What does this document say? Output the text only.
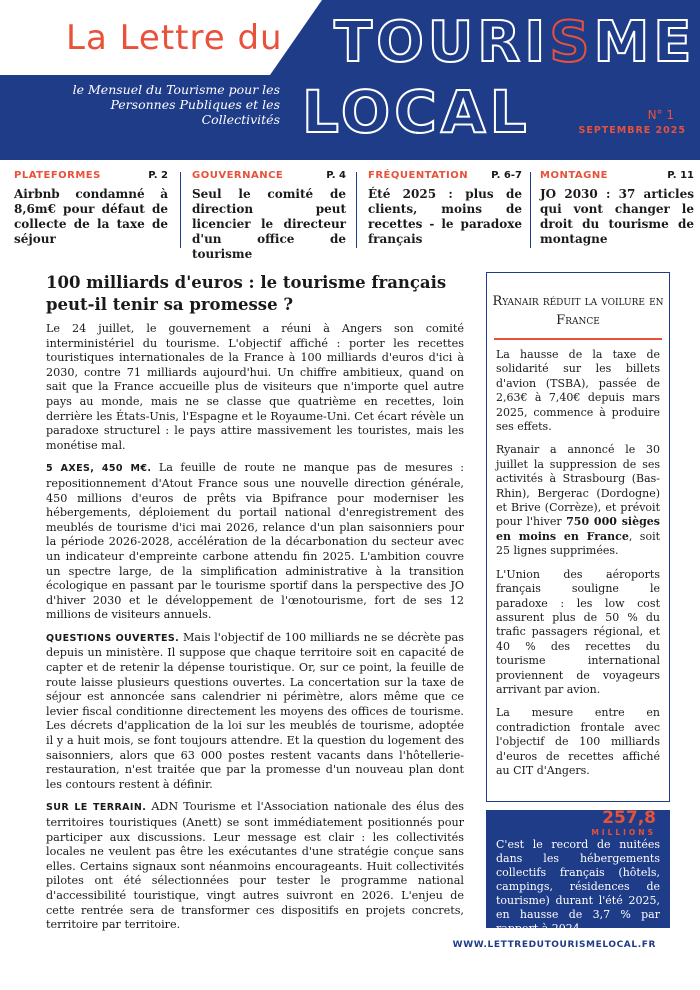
La Lettre du TOURISME
LOCAL
le Mensuel du Tourisme pour les Personnes Publiques et les Collectivités	N° 1
SEPTEMBRE 2025
PLATEFORMES	P. 2
Airbnb condamné à 8,6m€ pour défaut de collecte de la taxe de séjour
GOUVERNANCE	P. 4
Seul le comité de direction peut licencier le directeur d'un office de tourisme
FRÉQUENTATION P. 6-7
Été 2025 : plus de clients, moins de recettes - le paradoxe français
MONTAGNE	P. 11
JO 2030 : 37 articles qui vont changer le droit du tourisme de montagne
100 milliards d'euros : le tourisme français peut-il tenir sa promesse ?

Le 24 juillet, le gouvernement a réuni à Angers son comité interministériel du tourisme. L'objectif affiché : porter les recettes touristiques internationales de la France à 100 milliards d'euros d'ici à 2030, contre 71 milliards aujourd'hui. Un chiffre ambitieux, quand on sait que la France accueille plus de visiteurs que n'importe quel autre pays au monde, mais ne se classe que quatrième en recettes, loin derrière les États-Unis, l'Espagne et le Royaume-Uni. Cet écart révèle un paradoxe structurel : le pays attire massivement les touristes, mais les monétise mal.

5 AXES, 450 M€. La feuille de route ne manque pas de mesures : repositionnement d'Atout France sous une nouvelle direction générale, 450 millions d'euros de prêts via Bpifrance pour moderniser les hébergements, déploiement du portail national d'enregistrement des meublés de tourisme d'ici mai 2026, relance d'un plan saisonniers pour la période 2026-2028, accélération de la décarbonation du secteur avec un indicateur d'empreinte carbone attendu fin 2025. L'ambition couvre un spectre large, de la simplification administrative à la transition écologique en passant par le tourisme sportif dans la perspective des JO d'hiver 2030 et le développement de l'œnotourisme, fort de ses 12 millions de visiteurs annuels.

QUESTIONS OUVERTES. Mais l'objectif de 100 milliards ne se décrète pas depuis un ministère. Il suppose que chaque territoire soit en capacité de capter et de retenir la dépense touristique. Or, sur ce point, la feuille de route laisse plusieurs questions ouvertes. La concertation sur la taxe de séjour est annoncée sans calendrier ni périmètre, alors même que ce levier fiscal conditionne directement les moyens des offices de tourisme. Les décrets d'application de la loi sur les meublés de tourisme, adoptée il y a huit mois, se font toujours attendre. Et la question du logement des saisonniers, alors que 63 000 postes restent vacants dans l'hôtellerie-restauration, n'est traitée que par la promesse d'un nouveau plan dont les contours restent à définir.

SUR LE TERRAIN. ADN Tourisme et l'Association nationale des élus des territoires touristiques (Anett) se sont immédiatement positionnés pour participer aux discussions. Leur message est clair : les collectivités locales ne veulent pas être les exécutantes d'une stratégie conçue sans elles. Certains signaux sont néanmoins encourageants. Huit collectivités pilotes ont été sélectionnées pour tester le programme national d'accessibilité touristique, vingt autres suivront en 2026. L'enjeu de cette rentrée sera de transformer ces dispositifs en projets concrets, territoire par territoire.

Ryanair réduit la voilure en France

La hausse de la taxe de solidarité sur les billets d'avion (TSBA), passée de 2,63€ à 7,40€ depuis mars 2025, commence à produire ses effets.

Ryanair a annoncé le 30 juillet la suppression de ses activités à Strasbourg (Bas-Rhin), Bergerac (Dordogne) et Brive (Corrèze), et prévoit pour l'hiver 750 000 sièges en moins en France, soit 25 lignes supprimées.

L'Union des aéroports français souligne le paradoxe : les low cost assurent plus de 50 % du trafic passagers régional, et 40 % des recettes du tourisme international proviennent de voyageurs arrivant par avion.

La mesure entre en contradiction frontale avec l'objectif de 100 milliards d'euros de recettes affiché au CIT d'Angers.

257,8
MILLIONS
C'est le record de nuitées dans les hébergements collectifs français (hôtels, campings, résidences de tourisme) durant l'été 2025, en hausse de 3,7 % par rapport à 2024.
WWW.LETTREDUTOURISMELOCAL.FR
